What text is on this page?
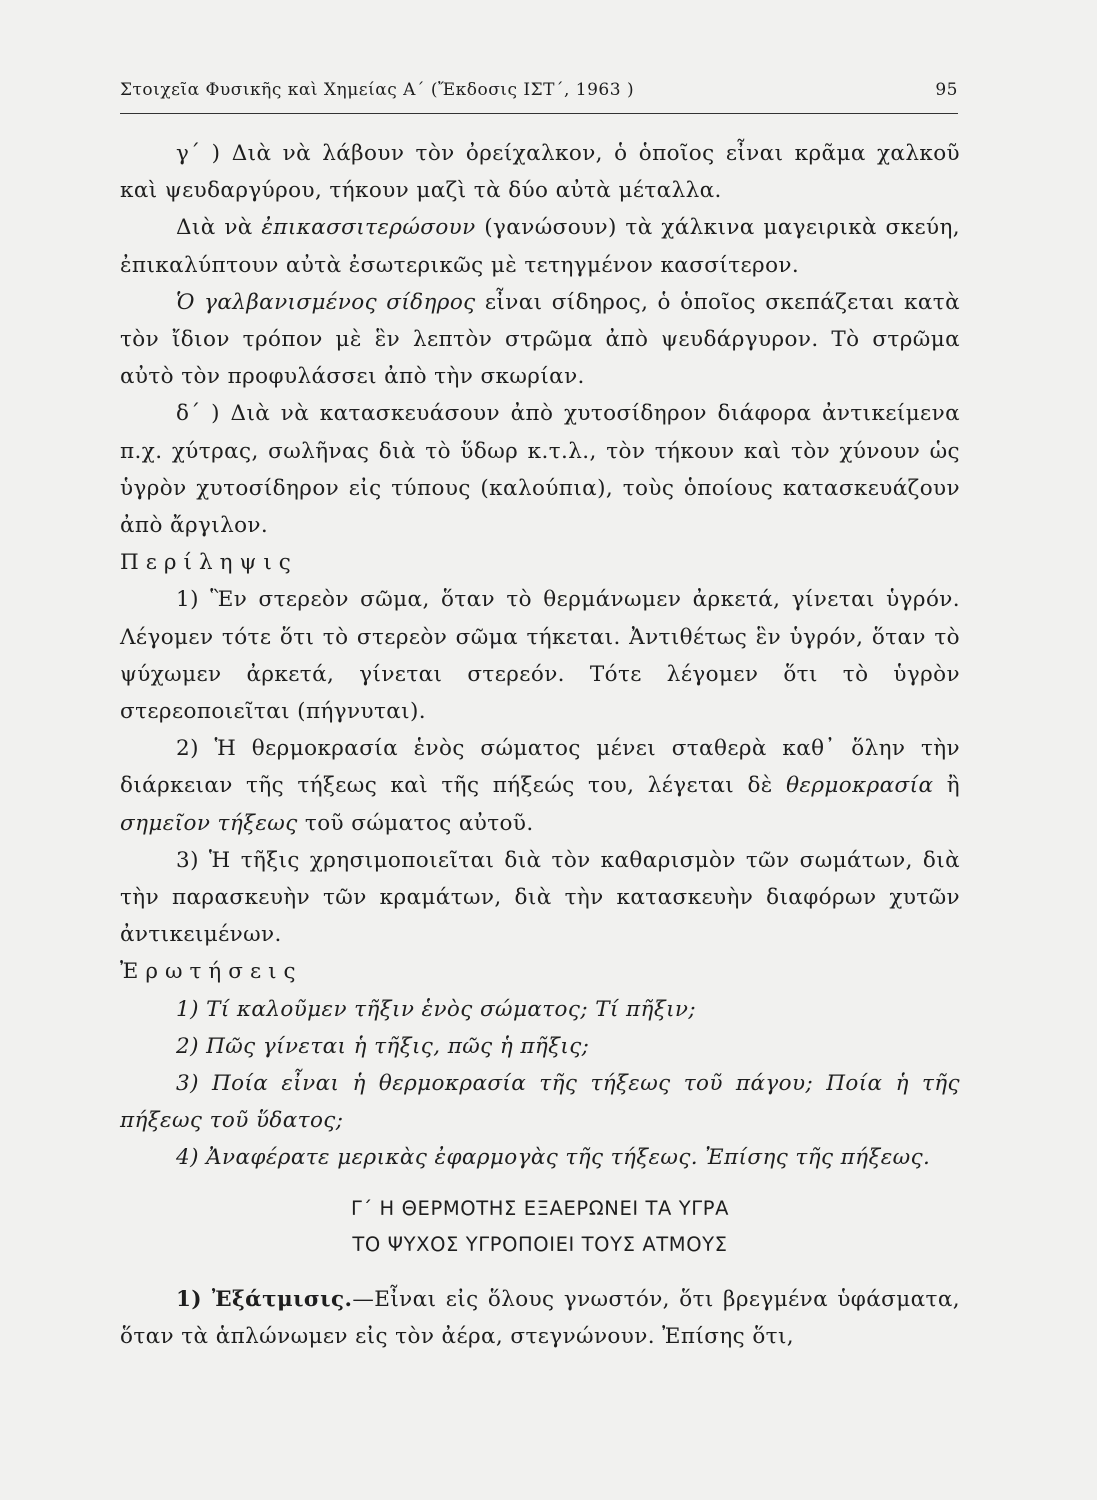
Στοιχεῖα Φυσικῆς καὶ Χημείας Α΄ (Ἔκδοσις ΙΣΤ΄, 1963 )	95

γ΄ ) Διὰ νὰ λάβουν τὸν ὀρείχαλκον, ὁ ὁποῖος εἶναι κρᾶμα χαλκοῦ καὶ ψευδαργύρου, τήκουν μαζὶ τὰ δύο αὐτὰ μέταλλα.

Διὰ νὰ ἐπικασσιτερώσουν (γανώσουν) τὰ χάλκινα μαγειρικὰ σκεύη, ἐπικαλύπτουν αὐτὰ ἐσωτερικῶς μὲ τετηγμένον κασσίτερον.

Ὁ γαλβανισμένος σίδηρος εἶναι σίδηρος, ὁ ὁποῖος σκεπάζεται κατὰ τὸν ἴδιον τρόπον μὲ ἓν λεπτὸν στρῶμα ἀπὸ ψευδάργυρον. Τὸ στρῶμα αὐτὸ τὸν προφυλάσσει ἀπὸ τὴν σκωρίαν.

δ΄ ) Διὰ νὰ κατασκευάσουν ἀπὸ χυτοσίδηρον διάφορα ἀντικείμενα π.χ. χύτρας, σωλῆνας διὰ τὸ ὕδωρ κ.τ.λ., τὸν τήκουν καὶ τὸν χύνουν ὡς ὑγρὸν χυτοσίδηρον εἰς τύπους (καλούπια), τοὺς ὁποίους κατασκευάζουν ἀπὸ ἄργιλον.

Περίληψις

1) Ἓν στερεὸν σῶμα, ὅταν τὸ θερμάνωμεν ἀρκετά, γίνεται ὑγρόν. Λέγομεν τότε ὅτι τὸ στερεὸν σῶμα τήκεται. Ἀντιθέτως ἓν ὑγρόν, ὅταν τὸ ψύχωμεν ἀρκετά, γίνεται στερεόν. Τότε λέγομεν ὅτι τὸ ὑγρὸν στερεοποιεῖται (πήγνυται).

2) Ἡ θερμοκρασία ἑνὸς σώματος μένει σταθερὰ καθ᾽ ὅλην τὴν διάρκειαν τῆς τήξεως καὶ τῆς πήξεώς του, λέγεται δὲ θερμοκρασία ἢ σημεῖον τήξεως τοῦ σώματος αὐτοῦ.

3) Ἡ τῆξις χρησιμοποιεῖται διὰ τὸν καθαρισμὸν τῶν σωμάτων, διὰ τὴν παρασκευὴν τῶν κραμάτων, διὰ τὴν κατασκευὴν διαφόρων χυτῶν ἀντικειμένων.

Ἐρωτήσεις

1) Τί καλοῦμεν τῆξιν ἑνὸς σώματος; Τί πῆξιν;

2) Πῶς γίνεται ἡ τῆξις, πῶς ἡ πῆξις;

3) Ποία εἶναι ἡ θερμοκρασία τῆς τήξεως τοῦ πάγου; Ποία ἡ τῆς πήξεως τοῦ ὕδατος;

4) Ἀναφέρατε μερικὰς ἐφαρμογὰς τῆς τήξεως. Ἐπίσης τῆς πήξεως.

Γ΄ Η ΘΕΡΜΟΤΗΣ ΕΞΑΕΡΩΝΕΙ ΤΑ ΥΓΡΑ
ΤΟ ΨΥΧΟΣ ΥΓΡΟΠΟΙΕΙ ΤΟΥΣ ΑΤΜΟΥΣ

1) Ἐξάτμισις.—Εἶναι εἰς ὅλους γνωστόν, ὅτι βρεγμένα ὑφάσματα, ὅταν τὰ ἁπλώνωμεν εἰς τὸν ἀέρα, στεγνώνουν. Ἐπίσης ὅτι,
